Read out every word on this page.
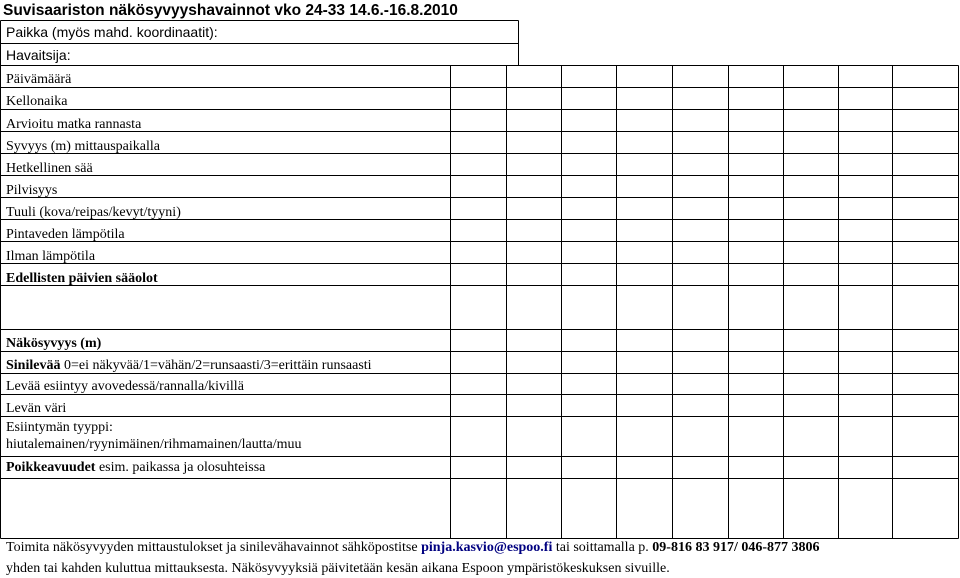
Suvisaariston näkösyvyyshavainnot vko 24-33 14.6.-16.8.2010
Paikka (myös mahd. koordinaatit):
Havaitsija:
Päivämäärä
Kellonaika
Arvioitu matka rannasta
Syvyys (m) mittauspaikalla
Hetkellinen sää
Pilvisyys
Tuuli (kova/reipas/kevyt/tyyni)
Pintaveden lämpötila
Ilman lämpötila
Edellisten päivien sääolot
Näkösyvyys (m)
Sinilevää 0=ei näkyvää/1=vähän/2=runsaasti/3=erittäin runsaasti
Levää esiintyy avovedessä/rannalla/kivillä
Levän väri
Esiintymän tyyppi:
hiutalemainen/ryynimäinen/rihmamainen/lautta/muu
Poikkeavuudet esim. paikassa ja olosuhteissa
Toimita näkösyvyyden mittaustulokset ja sinilevähavainnot sähköpostitse pinja.kasvio@espoo.fi tai soittamalla p. 09-816 83 917/ 046-877 3806
yhden tai kahden kuluttua mittauksesta. Näkösyvyyksiä päivitetään kesän aikana Espoon ympäristökeskuksen sivuille.
